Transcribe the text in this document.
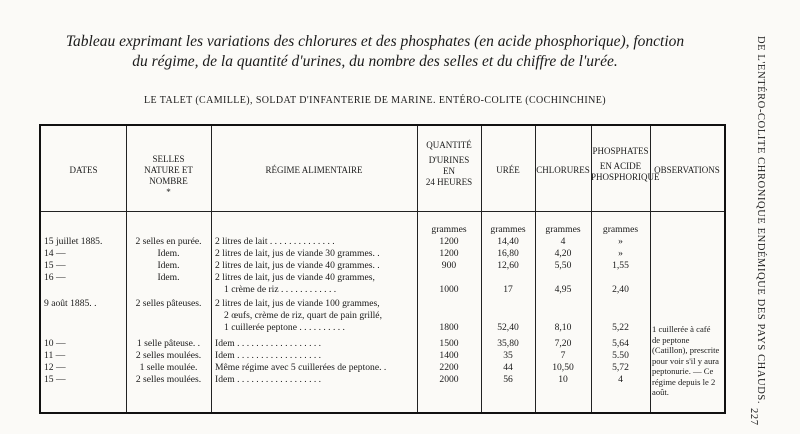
Tableau exprimant les variations des chlorures et des phosphates (en acide phosphorique), fonction
du régime, de la quantité d'urines, du nombre des selles et du chiffre de l'urée.
LE TALET (CAMILLE), SOLDAT D'INFANTERIE DE MARINE. ENTÉRO-COLITE (COCHINCHINE)	DE L'ENTÉRO-COLITE CHRONIQUE ENDÉMIQUE DES PAYS CHAUDS.
227
DATES
SELLES
NATURE ET NOMBRE
*
RÉGIME ALIMENTAIRE
QUANTITÉ
D'URINES
EN
24 HEURES
URÉE	CHLORURES
PHOSPHATES
EN ACIDE
PHOSPHORIQUE
OBSERVATIONS
grammes	grammes	grammes	grammes
15 juillet 1885.	2 selles en purée.	2 litres de lait . . . . . . . . . . . . . .	1200	14,40	4	»
14 —	Idem.	2 litres de lait, jus de viande 30 grammes. .	1200	16,80	4,20	»
15 —	Idem.	2 litres de lait, jus de viande 40 grammes. .	900	12,60	5,50	1,55
16 —	Idem.	2 litres de lait, jus de viande 40 grammes,
1 crème de riz . . . . . . . . . . . .	1000	17	4,95	2,40
9 août 1885. .	2 selles pâteuses.	2 litres de lait, jus de viande 100 grammes,
2 œufs, crème de riz, quart de pain grillé,
1 cuillerée peptone . . . . . . . . . .	1800	52,40	8,10	5,22
10 —	1 selle pâteuse. .	Idem . . . . . . . . . . . . . . . . . .	1500	35,80	7,20	5,64
11 —	2 selles moulées.	Idem . . . . . . . . . . . . . . . . . .	1400	35	7	5.50
12 —	1 selle moulée.	Même régime avec 5 cuillerées de peptone. .	2200	44	10,50	5,72
15 —	2 selles moulées.	Idem . . . . . . . . . . . . . . . . . .	2000	56	10	4
1 cuillerée à café de peptone (Catillon), prescrite pour voir s'il y aura peptonurie. — Ce régime depuis le 2 août.
